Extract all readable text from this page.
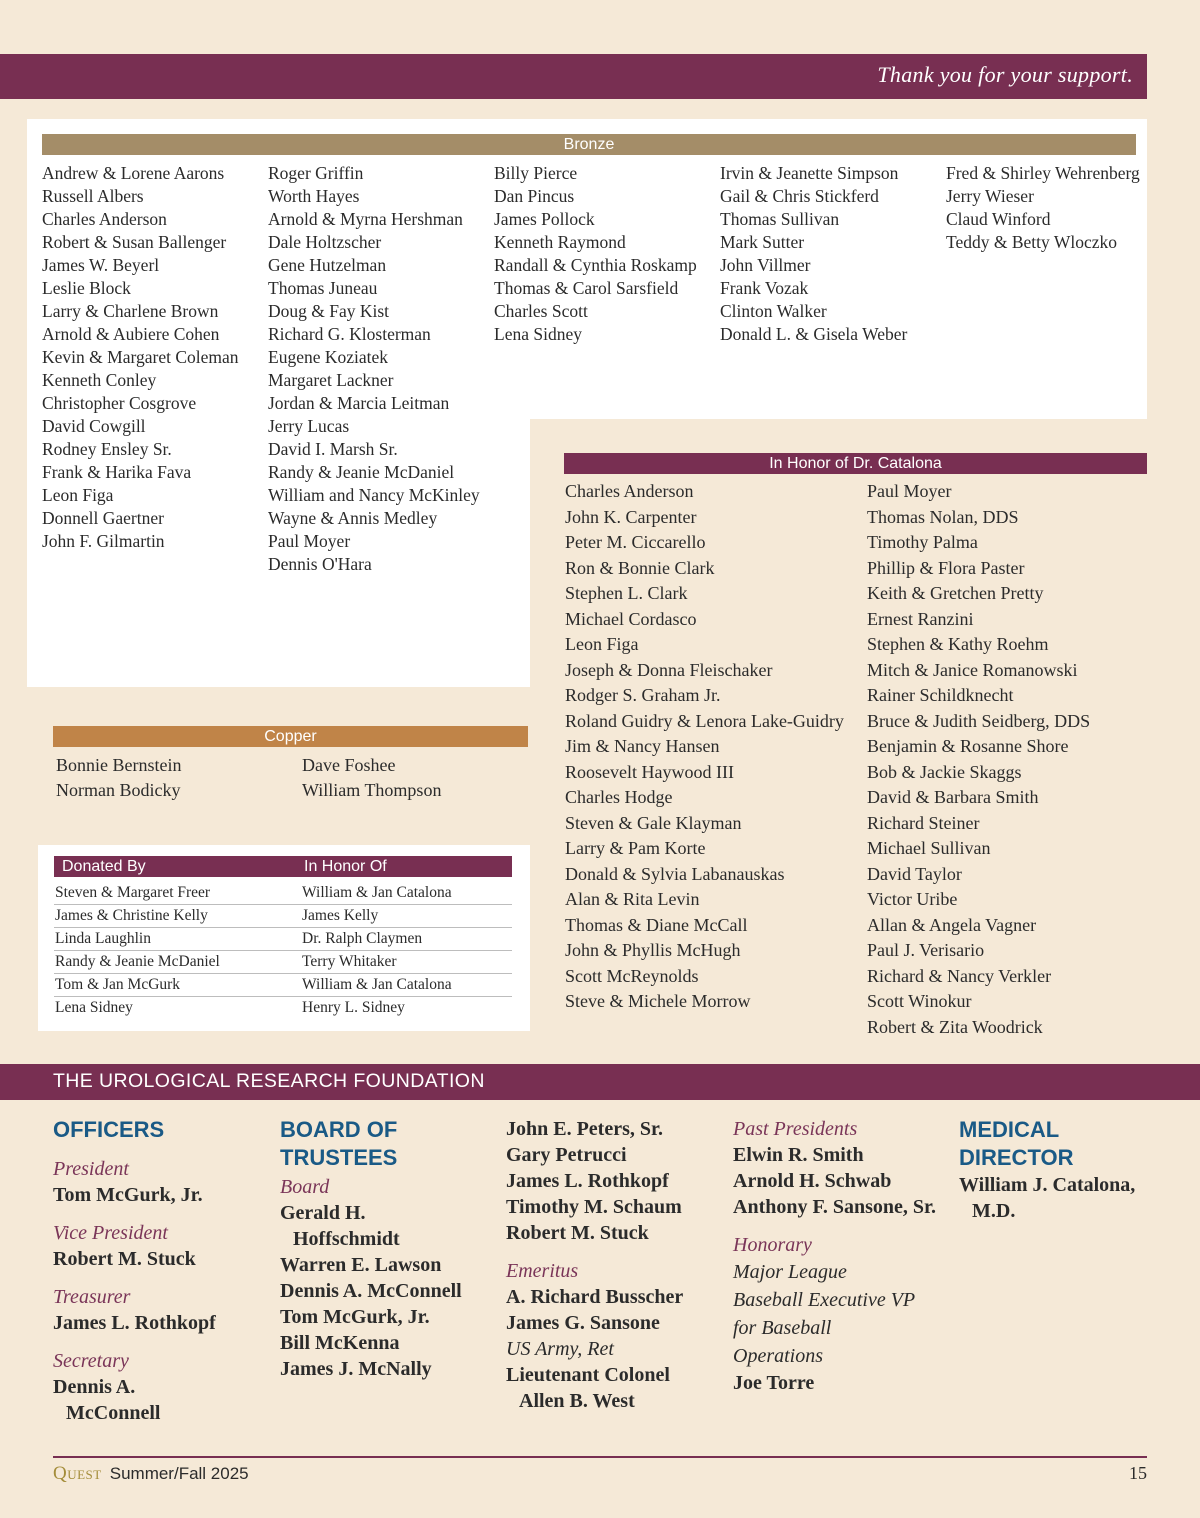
Thank you for your support.
Bronze

Andrew & Lorene Aarons

Russell Albers

Charles Anderson

Robert & Susan Ballenger

James W. Beyerl

Leslie Block

Larry & Charlene Brown

Arnold & Aubiere Cohen

Kevin & Margaret Coleman

Kenneth Conley

Christopher Cosgrove

David Cowgill

Rodney Ensley Sr.

Frank & Harika Fava

Leon Figa

Donnell Gaertner

John F. Gilmartin

Roger Griffin

Worth Hayes

Arnold & Myrna Hershman

Dale Holtzscher

Gene Hutzelman

Thomas Juneau

Doug & Fay Kist

Richard G. Klosterman

Eugene Koziatek

Margaret Lackner

Jordan & Marcia Leitman

Jerry Lucas

David I. Marsh Sr.

Randy & Jeanie McDaniel

William and Nancy McKinley

Wayne & Annis Medley

Paul Moyer

Dennis O'Hara

Billy Pierce

Dan Pincus

James Pollock

Kenneth Raymond

Randall & Cynthia Roskamp

Thomas & Carol Sarsfield

Charles Scott

Lena Sidney

Irvin & Jeanette Simpson

Gail & Chris Stickferd

Thomas Sullivan

Mark Sutter

John Villmer

Frank Vozak

Clinton Walker

Donald L. & Gisela Weber

Fred & Shirley Wehrenberg

Jerry Wieser

Claud Winford

Teddy & Betty Wloczko

Copper

Bonnie Bernstein

Norman Bodicky

Dave Foshee

William Thompson

Donated By	In Honor Of
Steven & Margaret Freer	William & Jan Catalona
James & Christine Kelly	James Kelly
Linda Laughlin	Dr. Ralph Claymen
Randy & Jeanie McDaniel	Terry Whitaker
Tom & Jan McGurk	William & Jan Catalona
Lena Sidney	Henry L. Sidney
In Honor of Dr. Catalona

Charles Anderson

John K. Carpenter

Peter M. Ciccarello

Ron & Bonnie Clark

Stephen L. Clark

Michael Cordasco

Leon Figa

Joseph & Donna Fleischaker

Rodger S. Graham Jr.

Roland Guidry & Lenora Lake-Guidry

Jim & Nancy Hansen

Roosevelt Haywood III

Charles Hodge

Steven & Gale Klayman

Larry & Pam Korte

Donald & Sylvia Labanauskas

Alan & Rita Levin

Thomas & Diane McCall

John & Phyllis McHugh

Scott McReynolds

Steve & Michele Morrow

Paul Moyer

Thomas Nolan, DDS

Timothy Palma

Phillip & Flora Paster

Keith & Gretchen Pretty

Ernest Ranzini

Stephen & Kathy Roehm

Mitch & Janice Romanowski

Rainer Schildknecht

Bruce & Judith Seidberg, DDS

Benjamin & Rosanne Shore

Bob & Jackie Skaggs

David & Barbara Smith

Richard Steiner

Michael Sullivan

David Taylor

Victor Uribe

Allan & Angela Vagner

Paul J. Verisario

Richard & Nancy Verkler

Scott Winokur

Robert & Zita Woodrick

THE UROLOGICAL RESEARCH FOUNDATION

OFFICERS

President

Tom McGurk, Jr.

Vice President

Robert M. Stuck

Treasurer

James L. Rothkopf

Secretary

Dennis A. McConnell

BOARD OF TRUSTEES

Board

Gerald H. Hoffschmidt

Warren E. Lawson

Dennis A. McConnell

Tom McGurk, Jr.

Bill McKenna

James J. McNally

John E. Peters, Sr.

Gary Petrucci

James L. Rothkopf

Timothy M. Schaum

Robert M. Stuck

Emeritus

A. Richard Busscher

James G. Sansone

US Army, Ret

Lieutenant Colonel Allen B. West

Past Presidents

Elwin R. Smith

Arnold H. Schwab

Anthony F. Sansone, Sr.

Honorary

Major League

Baseball Executive VP

for Baseball

Operations

Joe Torre

MEDICAL DIRECTOR

William J. Catalona, M.D.

Quest Summer/Fall 2025	15
